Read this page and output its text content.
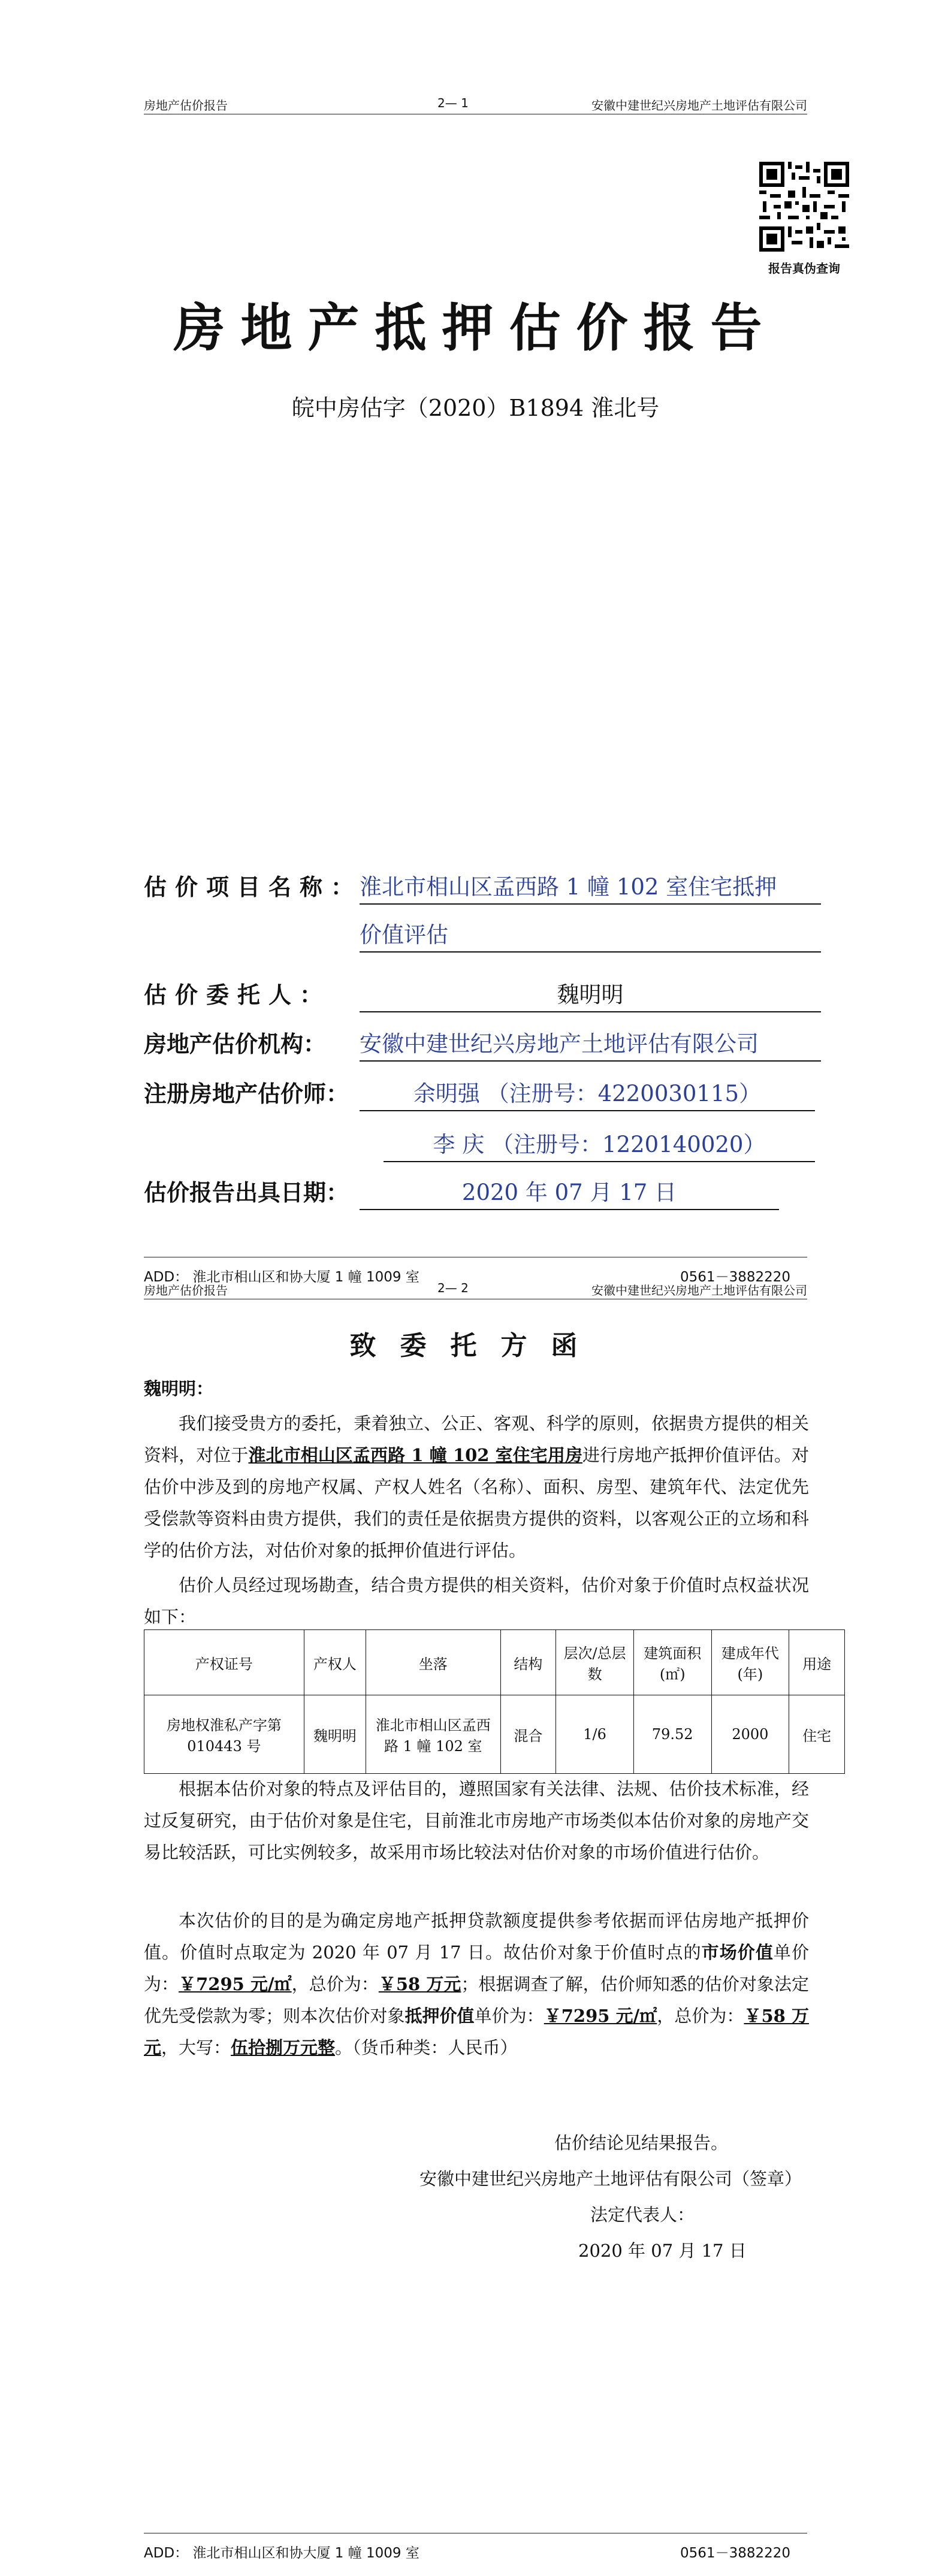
房地产估价报告	2— 1	安徽中建世纪兴房地产土地评估有限公司
报告真伪查询
房地产抵押估价报告
皖中房估字（2020）B1894 淮北号
估价项目名称：
淮北市相山区孟西路 1 幢 102 室住宅抵押
价值评估
估价委托人：	魏明明
房地产估价机构： 安徽中建世纪兴房地产土地评估有限公司
注册房地产估价师：	余明强 （注册号：4220030115）
李 庆 （注册号：1220140020）
估价报告出具日期：	2020 年 07 月 17 日
ADD： 淮北市相山区和协大厦 1 幢 1009 室	0561－3882220
房地产估价报告	2— 2	安徽中建世纪兴房地产土地评估有限公司
致委托方函
魏明明：
我们接受贵方的委托，秉着独立、公正、客观、科学的原则，依据贵方提供的相关资料，对位于淮北市相山区孟西路 1 幢 102 室住宅用房进行房地产抵押价值评估。对估价中涉及到的房地产权属、产权人姓名（名称）、面积、房型、建筑年代、法定优先受偿款等资料由贵方提供，我们的责任是依据贵方提供的资料，以客观公正的立场和科学的估价方法，对估价对象的抵押价值进行评估。
估价人员经过现场勘查，结合贵方提供的相关资料，估价对象于价值时点权益状况如下：
产权证号	产权人	坐落	结构	层次/总层数	建筑面积(㎡)	建成年代(年)	用途
房地权淮私产字第 010443 号	魏明明	淮北市相山区孟西路 1 幢 102 室	混合	1/6	79.52	2000	住宅
根据本估价对象的特点及评估目的，遵照国家有关法律、法规、估价技术标准，经过反复研究，由于估价对象是住宅，目前淮北市房地产市场类似本估价对象的房地产交易比较活跃，可比实例较多，故采用市场比较法对估价对象的市场价值进行估价。
本次估价的目的是为确定房地产抵押贷款额度提供参考依据而评估房地产抵押价值。价值时点取定为 2020 年 07 月 17 日。故估价对象于价值时点的市场价值单价为：￥7295 元/㎡，总价为：￥58 万元；根据调查了解，估价师知悉的估价对象法定优先受偿款为零；则本次估价对象抵押价值单价为：￥7295 元/㎡，总价为：￥58 万元，大写：伍拾捌万元整。（货币种类：人民币）
估价结论见结果报告。
安徽中建世纪兴房地产土地评估有限公司（签章）
法定代表人：
2020 年 07 月 17 日
ADD： 淮北市相山区和协大厦 1 幢 1009 室	0561－3882220
